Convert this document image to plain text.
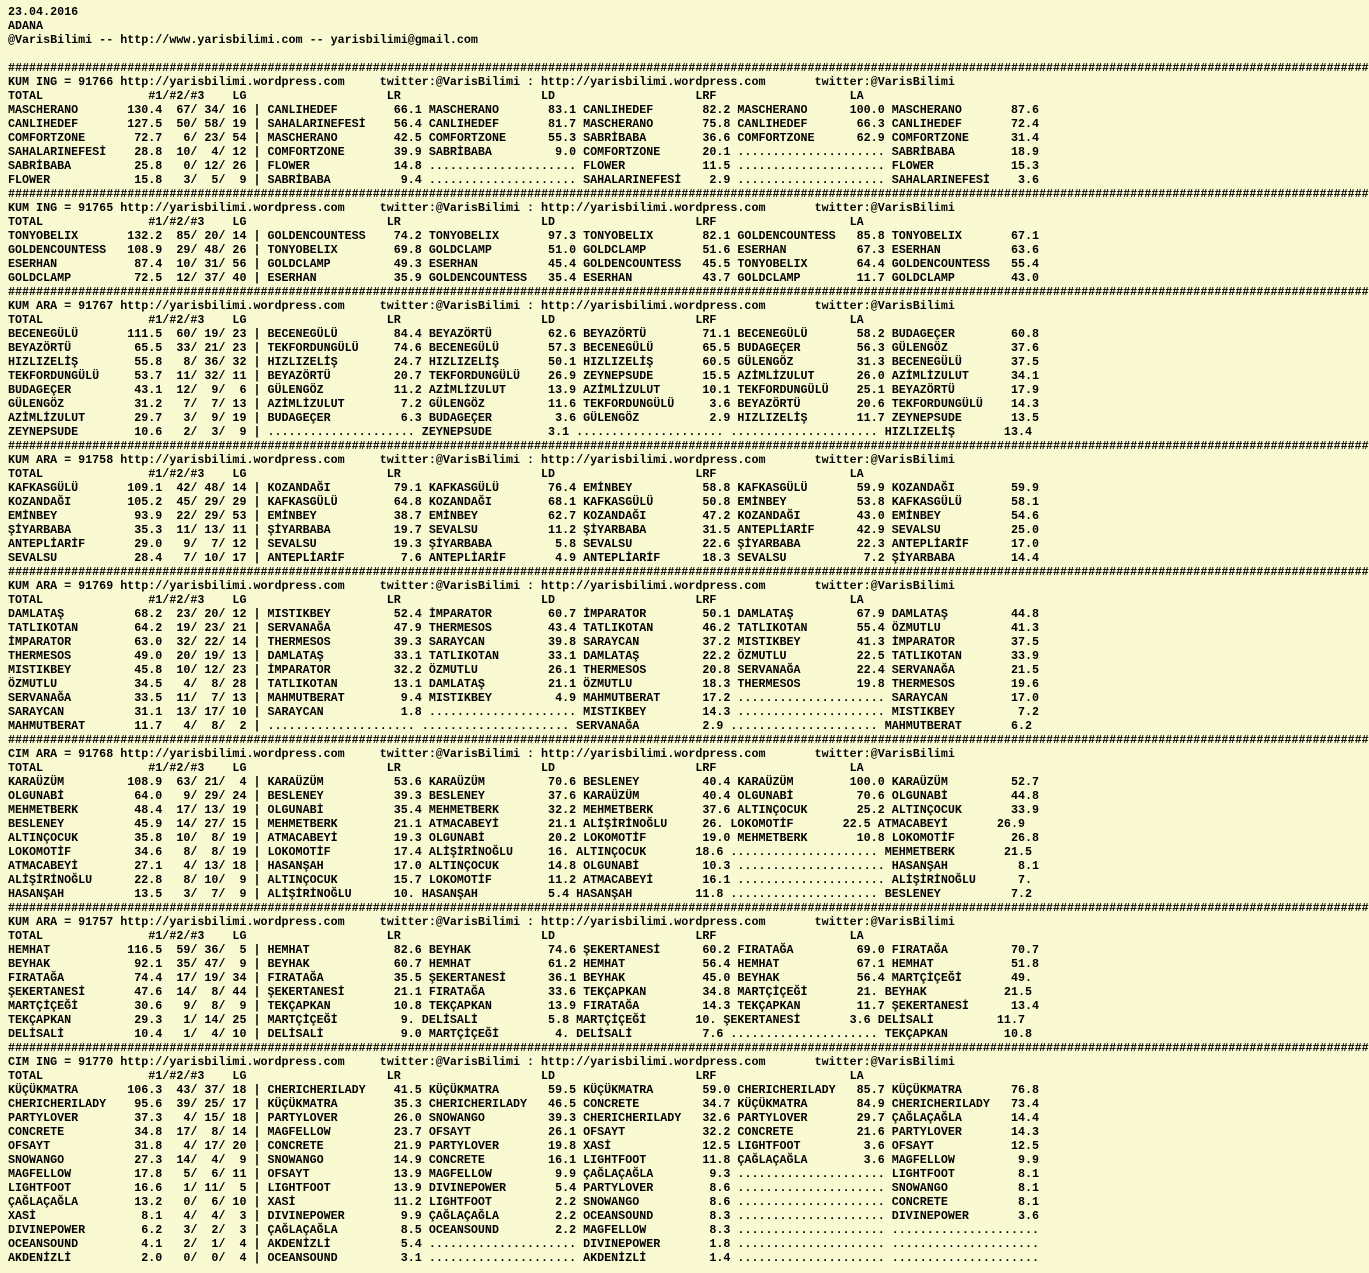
23.04.2016
ADANA
@VarisBilimi -- http://www.yarisbilimi.com -- yarisbilimi@gmail.com
##################################################################################################################################################################################################
KUM ING = 91766 http://yarisbilimi.wordpress.com     twitter:@VarisBilimi : http://yarisbilimi.wordpress.com       twitter:@VarisBilimi
TOTAL               #1/#2/#3    LG                    LR                    LD                    LRF                   LA
MASCHERANO       130.4  67/ 34/ 16 | CANLIHEDEF        66.1 MASCHERANO       83.1 CANLIHEDEF       82.2 MASCHERANO      100.0 MASCHERANO       87.6
CANLIHEDEF       127.5  50/ 58/ 19 | SAHALARINEFESİ    56.4 CANLIHEDEF       81.7 MASCHERANO       75.8 CANLIHEDEF       66.3 CANLIHEDEF       72.4
COMFORTZONE       72.7   6/ 23/ 54 | MASCHERANO        42.5 COMFORTZONE      55.3 SABRİBABA        36.6 COMFORTZONE      62.9 COMFORTZONE      31.4
SAHALARINEFESİ    28.8  10/  4/ 12 | COMFORTZONE       39.9 SABRİBABA         9.0 COMFORTZONE      20.1 ..................... SABRİBABA        18.9
SABRİBABA         25.8   0/ 12/ 26 | FLOWER            14.8 ..................... FLOWER           11.5 ..................... FLOWER           15.3
FLOWER            15.8   3/  5/  9 | SABRİBABA          9.4 ..................... SAHALARINEFESİ    2.9 ..................... SAHALARINEFESİ    3.6
##################################################################################################################################################################################################
KUM ING = 91765 http://yarisbilimi.wordpress.com     twitter:@VarisBilimi : http://yarisbilimi.wordpress.com       twitter:@VarisBilimi
TOTAL               #1/#2/#3    LG                    LR                    LD                    LRF                   LA
TONYOBELIX       132.2  85/ 20/ 14 | GOLDENCOUNTESS    74.2 TONYOBELIX       97.3 TONYOBELIX       82.1 GOLDENCOUNTESS   85.8 TONYOBELIX       67.1
GOLDENCOUNTESS   108.9  29/ 48/ 26 | TONYOBELIX        69.8 GOLDCLAMP        51.0 GOLDCLAMP        51.6 ESERHAN          67.3 ESERHAN          63.6
ESERHAN           87.4  10/ 31/ 56 | GOLDCLAMP         49.3 ESERHAN          45.4 GOLDENCOUNTESS   45.5 TONYOBELIX       64.4 GOLDENCOUNTESS   55.4
GOLDCLAMP         72.5  12/ 37/ 40 | ESERHAN           35.9 GOLDENCOUNTESS   35.4 ESERHAN          43.7 GOLDCLAMP        11.7 GOLDCLAMP        43.0
##################################################################################################################################################################################################
KUM ARA = 91767 http://yarisbilimi.wordpress.com     twitter:@VarisBilimi : http://yarisbilimi.wordpress.com       twitter:@VarisBilimi
TOTAL               #1/#2/#3    LG                    LR                    LD                    LRF                   LA
BECENEGÜLÜ       111.5  60/ 19/ 23 | BECENEGÜLÜ        84.4 BEYAZÖRTÜ        62.6 BEYAZÖRTÜ        71.1 BECENEGÜLÜ       58.2 BUDAGEÇER        60.8
BEYAZÖRTÜ         65.5  33/ 21/ 23 | TEKFORDUNGÜLÜ     74.6 BECENEGÜLÜ       57.3 BECENEGÜLÜ       65.5 BUDAGEÇER        56.3 GÜLENGÖZ         37.6
HIZLIZELİŞ        55.8   8/ 36/ 32 | HIZLIZELİŞ        24.7 HIZLIZELİŞ       50.1 HIZLIZELİŞ       60.5 GÜLENGÖZ         31.3 BECENEGÜLÜ       37.5
TEKFORDUNGÜLÜ     53.7  11/ 32/ 11 | BEYAZÖRTÜ         20.7 TEKFORDUNGÜLÜ    26.9 ZEYNEPSUDE       15.5 AZİMLİZULUT      26.0 AZİMLİZULUT      34.1
BUDAGEÇER         43.1  12/  9/  6 | GÜLENGÖZ          11.2 AZİMLİZULUT      13.9 AZİMLİZULUT      10.1 TEKFORDUNGÜLÜ    25.1 BEYAZÖRTÜ        17.9
GÜLENGÖZ          31.2   7/  7/ 13 | AZİMLİZULUT        7.2 GÜLENGÖZ         11.6 TEKFORDUNGÜLÜ     3.6 BEYAZÖRTÜ        20.6 TEKFORDUNGÜLÜ    14.3
AZİMLİZULUT       29.7   3/  9/ 19 | BUDAGEÇER          6.3 BUDAGEÇER         3.6 GÜLENGÖZ          2.9 HIZLIZELİŞ       11.7 ZEYNEPSUDE       13.5
ZEYNEPSUDE        10.6   2/  3/  9 | ..................... ZEYNEPSUDE        3.1 ..................... ..................... HIZLIZELİŞ       13.4
##################################################################################################################################################################################################
KUM ARA = 91758 http://yarisbilimi.wordpress.com     twitter:@VarisBilimi : http://yarisbilimi.wordpress.com       twitter:@VarisBilimi
TOTAL               #1/#2/#3    LG                    LR                    LD                    LRF                   LA
KAFKASGÜLÜ       109.1  42/ 48/ 14 | KOZANDAĞI         79.1 KAFKASGÜLÜ       76.4 EMİNBEY          58.8 KAFKASGÜLÜ       59.9 KOZANDAĞI        59.9
KOZANDAĞI        105.2  45/ 29/ 29 | KAFKASGÜLÜ        64.8 KOZANDAĞI        68.1 KAFKASGÜLÜ       50.8 EMİNBEY          53.8 KAFKASGÜLÜ       58.1
EMİNBEY           93.9  22/ 29/ 53 | EMİNBEY           38.7 EMİNBEY          62.7 KOZANDAĞI        47.2 KOZANDAĞI        43.0 EMİNBEY          54.6
ŞİYARBABA         35.3  11/ 13/ 11 | ŞİYARBABA         19.7 SEVALSU          11.2 ŞİYARBABA        31.5 ANTEPLİARİF      42.9 SEVALSU          25.0
ANTEPLİARİF       29.0   9/  7/ 12 | SEVALSU           19.3 ŞİYARBABA         5.8 SEVALSU          22.6 ŞİYARBABA        22.3 ANTEPLİARİF      17.0
SEVALSU           28.4   7/ 10/ 17 | ANTEPLİARİF        7.6 ANTEPLİARİF       4.9 ANTEPLİARİF      18.3 SEVALSU           7.2 ŞİYARBABA        14.4
##################################################################################################################################################################################################
KUM ARA = 91769 http://yarisbilimi.wordpress.com     twitter:@VarisBilimi : http://yarisbilimi.wordpress.com       twitter:@VarisBilimi
TOTAL               #1/#2/#3    LG                    LR                    LD                    LRF                   LA
DAMLATAŞ          68.2  23/ 20/ 12 | MISTIKBEY         52.4 İMPARATOR        60.7 İMPARATOR        50.1 DAMLATAŞ         67.9 DAMLATAŞ         44.8
TATLIKOTAN        64.2  19/ 23/ 21 | SERVANAĞA         47.9 THERMESOS        43.4 TATLIKOTAN       46.2 TATLIKOTAN       55.4 ÖZMUTLU          41.3
İMPARATOR         63.0  32/ 22/ 14 | THERMESOS         39.3 SARAYCAN         39.8 SARAYCAN         37.2 MISTIKBEY        41.3 İMPARATOR        37.5
THERMESOS         49.0  20/ 19/ 13 | DAMLATAŞ          33.1 TATLIKOTAN       33.1 DAMLATAŞ         22.2 ÖZMUTLU          22.5 TATLIKOTAN       33.9
MISTIKBEY         45.8  10/ 12/ 23 | İMPARATOR         32.2 ÖZMUTLU          26.1 THERMESOS        20.8 SERVANAĞA        22.4 SERVANAĞA        21.5
ÖZMUTLU           34.5   4/  8/ 28 | TATLIKOTAN        13.1 DAMLATAŞ         21.1 ÖZMUTLU          18.3 THERMESOS        19.8 THERMESOS        19.6
SERVANAĞA         33.5  11/  7/ 13 | MAHMUTBERAT        9.4 MISTIKBEY         4.9 MAHMUTBERAT      17.2 ..................... SARAYCAN         17.0
SARAYCAN          31.1  13/ 17/ 10 | SARAYCAN           1.8 ..................... MISTIKBEY        14.3 ..................... MISTIKBEY         7.2
MAHMUTBERAT       11.7   4/  8/  2 | ..................... ..................... SERVANAĞA         2.9 ..................... MAHMUTBERAT       6.2
##################################################################################################################################################################################################
CIM ARA = 91768 http://yarisbilimi.wordpress.com     twitter:@VarisBilimi : http://yarisbilimi.wordpress.com       twitter:@VarisBilimi
TOTAL               #1/#2/#3    LG                    LR                    LD                    LRF                   LA
KARAÜZÜM         108.9  63/ 21/  4 | KARAÜZÜM          53.6 KARAÜZÜM         70.6 BESLENEY         40.4 KARAÜZÜM        100.0 KARAÜZÜM         52.7
OLGUNABİ          64.0   9/ 29/ 24 | BESLENEY          39.3 BESLENEY         37.6 KARAÜZÜM         40.4 OLGUNABİ         70.6 OLGUNABİ         44.8
MEHMETBERK        48.4  17/ 13/ 19 | OLGUNABİ          35.4 MEHMETBERK       32.2 MEHMETBERK       37.6 ALTINÇOCUK       25.2 ALTINÇOCUK       33.9
BESLENEY          45.9  14/ 27/ 15 | MEHMETBERK        21.1 ATMACABEYİ       21.1 ALİŞİRİNOĞLU     26. LOKOMOTİF       22.5 ATMACABEYİ       26.9
ALTINÇOCUK        35.8  10/  8/ 19 | ATMACABEYİ        19.3 OLGUNABİ         20.2 LOKOMOTİF        19.0 MEHMETBERK       10.8 LOKOMOTİF        26.8
LOKOMOTİF         34.6   8/  8/ 19 | LOKOMOTİF         17.4 ALİŞİRİNOĞLU     16. ALTINÇOCUK       18.6 ..................... MEHMETBERK       21.5
ATMACABEYİ        27.1   4/ 13/ 18 | HASANŞAH          17.0 ALTINÇOCUK       14.8 OLGUNABİ         10.3 ..................... HASANŞAH          8.1
ALİŞİRİNOĞLU      22.8   8/ 10/  9 | ALTINÇOCUK        15.7 LOKOMOTİF        11.2 ATMACABEYİ       16.1 ..................... ALİŞİRİNOĞLU      7.
HASANŞAH          13.5   3/  7/  9 | ALİŞİRİNOĞLU      10. HASANŞAH          5.4 HASANŞAH         11.8 ..................... BESLENEY          7.2
##################################################################################################################################################################################################
KUM ARA = 91757 http://yarisbilimi.wordpress.com     twitter:@VarisBilimi : http://yarisbilimi.wordpress.com       twitter:@VarisBilimi
TOTAL               #1/#2/#3    LG                    LR                    LD                    LRF                   LA
HEMHAT           116.5  59/ 36/  5 | HEMHAT            82.6 BEYHAK           74.6 ŞEKERTANESİ      60.2 FIRATAĞA         69.0 FIRATAĞA         70.7
BEYHAK            92.1  35/ 47/  9 | BEYHAK            60.7 HEMHAT           61.2 HEMHAT           56.4 HEMHAT           67.1 HEMHAT           51.8
FIRATAĞA          74.4  17/ 19/ 34 | FIRATAĞA          35.5 ŞEKERTANESİ      36.1 BEYHAK           45.0 BEYHAK           56.4 MARTÇİÇEĞİ       49.
ŞEKERTANESİ       47.6  14/  8/ 44 | ŞEKERTANESİ       21.1 FIRATAĞA         33.6 TEKÇAPKAN        34.8 MARTÇİÇEĞİ       21. BEYHAK           21.5
MARTÇİÇEĞİ        30.6   9/  8/  9 | TEKÇAPKAN         10.8 TEKÇAPKAN        13.9 FIRATAĞA         14.3 TEKÇAPKAN        11.7 ŞEKERTANESİ      13.4
TEKÇAPKAN         29.3   1/ 14/ 25 | MARTÇİÇEĞİ         9. DELİSALİ          5.8 MARTÇİÇEĞİ       10. ŞEKERTANESİ       3.6 DELİSALİ         11.7
DELİSALİ          10.4   1/  4/ 10 | DELİSALİ           9.0 MARTÇİÇEĞİ        4. DELİSALİ          7.6 ..................... TEKÇAPKAN        10.8
##################################################################################################################################################################################################
CIM ING = 91770 http://yarisbilimi.wordpress.com     twitter:@VarisBilimi : http://yarisbilimi.wordpress.com       twitter:@VarisBilimi
TOTAL               #1/#2/#3    LG                    LR                    LD                    LRF                   LA
KÜÇÜKMATRA       106.3  43/ 37/ 18 | CHERICHERILADY    41.5 KÜÇÜKMATRA       59.5 KÜÇÜKMATRA       59.0 CHERICHERILADY   85.7 KÜÇÜKMATRA       76.8
CHERICHERILADY    95.6  39/ 25/ 17 | KÜÇÜKMATRA        35.3 CHERICHERILADY   46.5 CONCRETE         34.7 KÜÇÜKMATRA       84.9 CHERICHERILADY   73.4
PARTYLOVER        37.3   4/ 15/ 18 | PARTYLOVER        26.0 SNOWANGO         39.3 CHERICHERILADY   32.6 PARTYLOVER       29.7 ÇAĞLAÇAĞLA       14.4
CONCRETE          34.8  17/  8/ 14 | MAGFELLOW         23.7 OFSAYT           26.1 OFSAYT           32.2 CONCRETE         21.6 PARTYLOVER       14.3
OFSAYT            31.8   4/ 17/ 20 | CONCRETE          21.9 PARTYLOVER       19.8 XASİ             12.5 LIGHTFOOT         3.6 OFSAYT           12.5
SNOWANGO          27.3  14/  4/  9 | SNOWANGO          14.9 CONCRETE         16.1 LIGHTFOOT        11.8 ÇAĞLAÇAĞLA        3.6 MAGFELLOW         9.9
MAGFELLOW         17.8   5/  6/ 11 | OFSAYT            13.9 MAGFELLOW         9.9 ÇAĞLAÇAĞLA        9.3 ..................... LIGHTFOOT         8.1
LIGHTFOOT         16.6   1/ 11/  5 | LIGHTFOOT         13.9 DIVINEPOWER       5.4 PARTYLOVER        8.6 ..................... SNOWANGO          8.1
ÇAĞLAÇAĞLA        13.2   0/  6/ 10 | XASİ              11.2 LIGHTFOOT         2.2 SNOWANGO          8.6 ..................... CONCRETE          8.1
XASİ               8.1   4/  4/  3 | DIVINEPOWER        9.9 ÇAĞLAÇAĞLA        2.2 OCEANSOUND        8.3 ..................... DIVINEPOWER       3.6
DIVINEPOWER        6.2   3/  2/  3 | ÇAĞLAÇAĞLA         8.5 OCEANSOUND        2.2 MAGFELLOW         8.3 ..................... .....................
OCEANSOUND         4.1   2/  1/  4 | AKDENİZLİ          5.4 ..................... DIVINEPOWER       1.8 ..................... .....................
AKDENİZLİ          2.0   0/  0/  4 | OCEANSOUND         3.1 ..................... AKDENİZLİ         1.4 ..................... .....................
